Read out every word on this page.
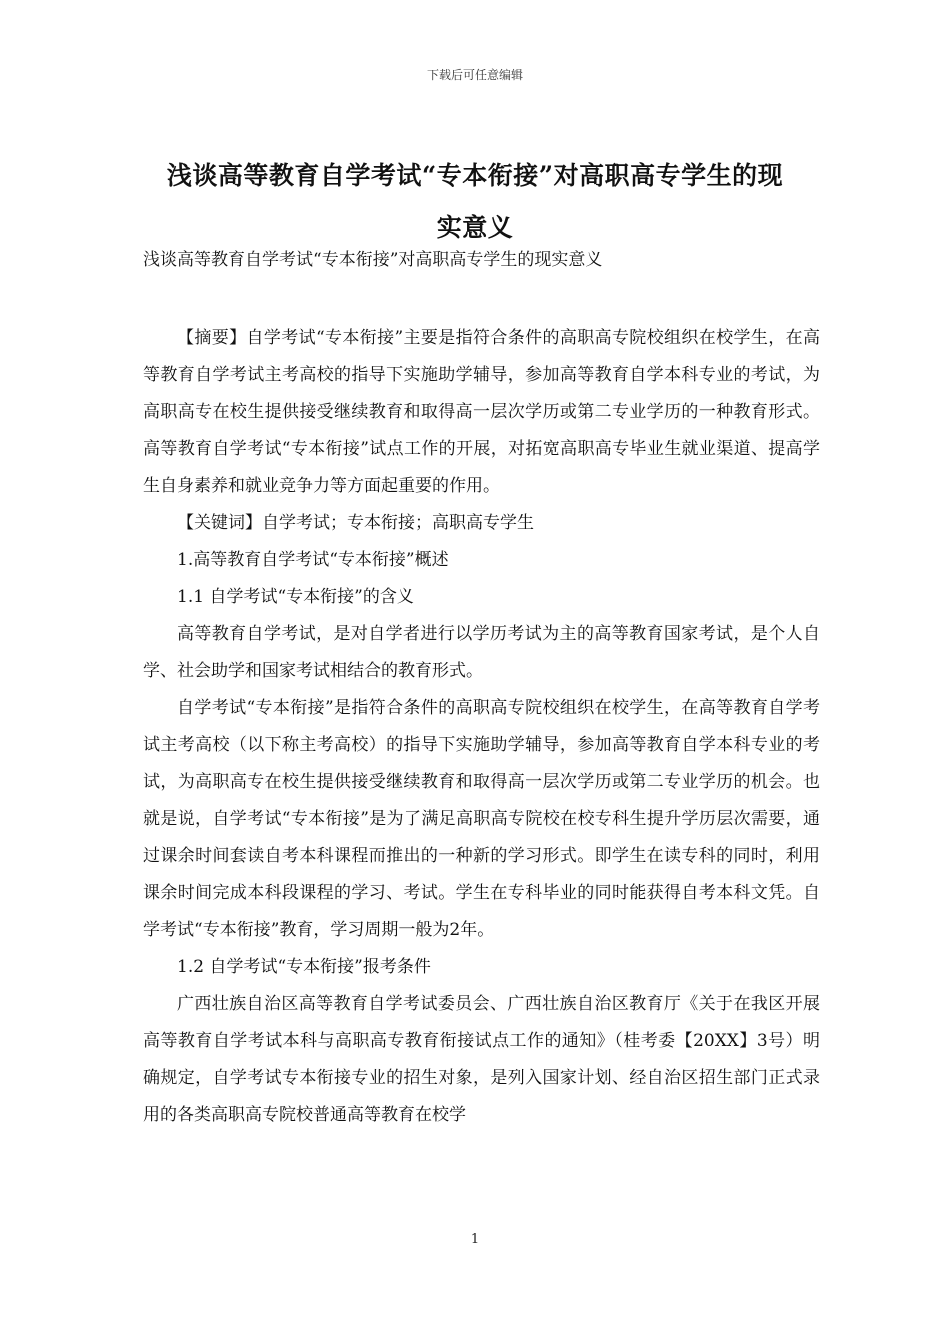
下载后可任意编辑
浅谈高等教育自学考试“专本衔接”对高职高专学生的现
实意义
浅谈高等教育自学考试“专本衔接”对高职高专学生的现实意义

【摘要】自学考试“专本衔接”主要是指符合条件的高职高专院校组织在校学生，在高等教育自学考试主考高校的指导下实施助学辅导，参加高等教育自学本科专业的考试，为高职高专在校生提供接受继续教育和取得高一层次学历或第二专业学历的一种教育形式。高等教育自学考试“专本衔接”试点工作的开展，对拓宽高职高专毕业生就业渠道、提高学生自身素养和就业竞争力等方面起重要的作用。

【关键词】自学考试；专本衔接；高职高专学生

1.高等教育自学考试“专本衔接”概述

1.1 自学考试“专本衔接”的含义

高等教育自学考试，是对自学者进行以学历考试为主的高等教育国家考试，是个人自学、社会助学和国家考试相结合的教育形式。

自学考试“专本衔接”是指符合条件的高职高专院校组织在校学生，在高等教育自学考试主考高校（以下称主考高校）的指导下实施助学辅导，参加高等教育自学本科专业的考试，为高职高专在校生提供接受继续教育和取得高一层次学历或第二专业学历的机会。也就是说，自学考试“专本衔接”是为了满足高职高专院校在校专科生提升学历层次需要，通过课余时间套读自考本科课程而推出的一种新的学习形式。即学生在读专科的同时，利用课余时间完成本科段课程的学习、考试。学生在专科毕业的同时能获得自考本科文凭。自学考试“专本衔接”教育，学习周期一般为2年。

1.2 自学考试“专本衔接”报考条件

广西壮族自治区高等教育自学考试委员会、广西壮族自治区教育厅《关于在我区开展高等教育自学考试本科与高职高专教育衔接试点工作的通知》（桂考委【20XX】3号）明确规定，自学考试专本衔接专业的招生对象，是列入国家计划、经自治区招生部门正式录用的各类高职高专院校普通高等教育在校学

1
